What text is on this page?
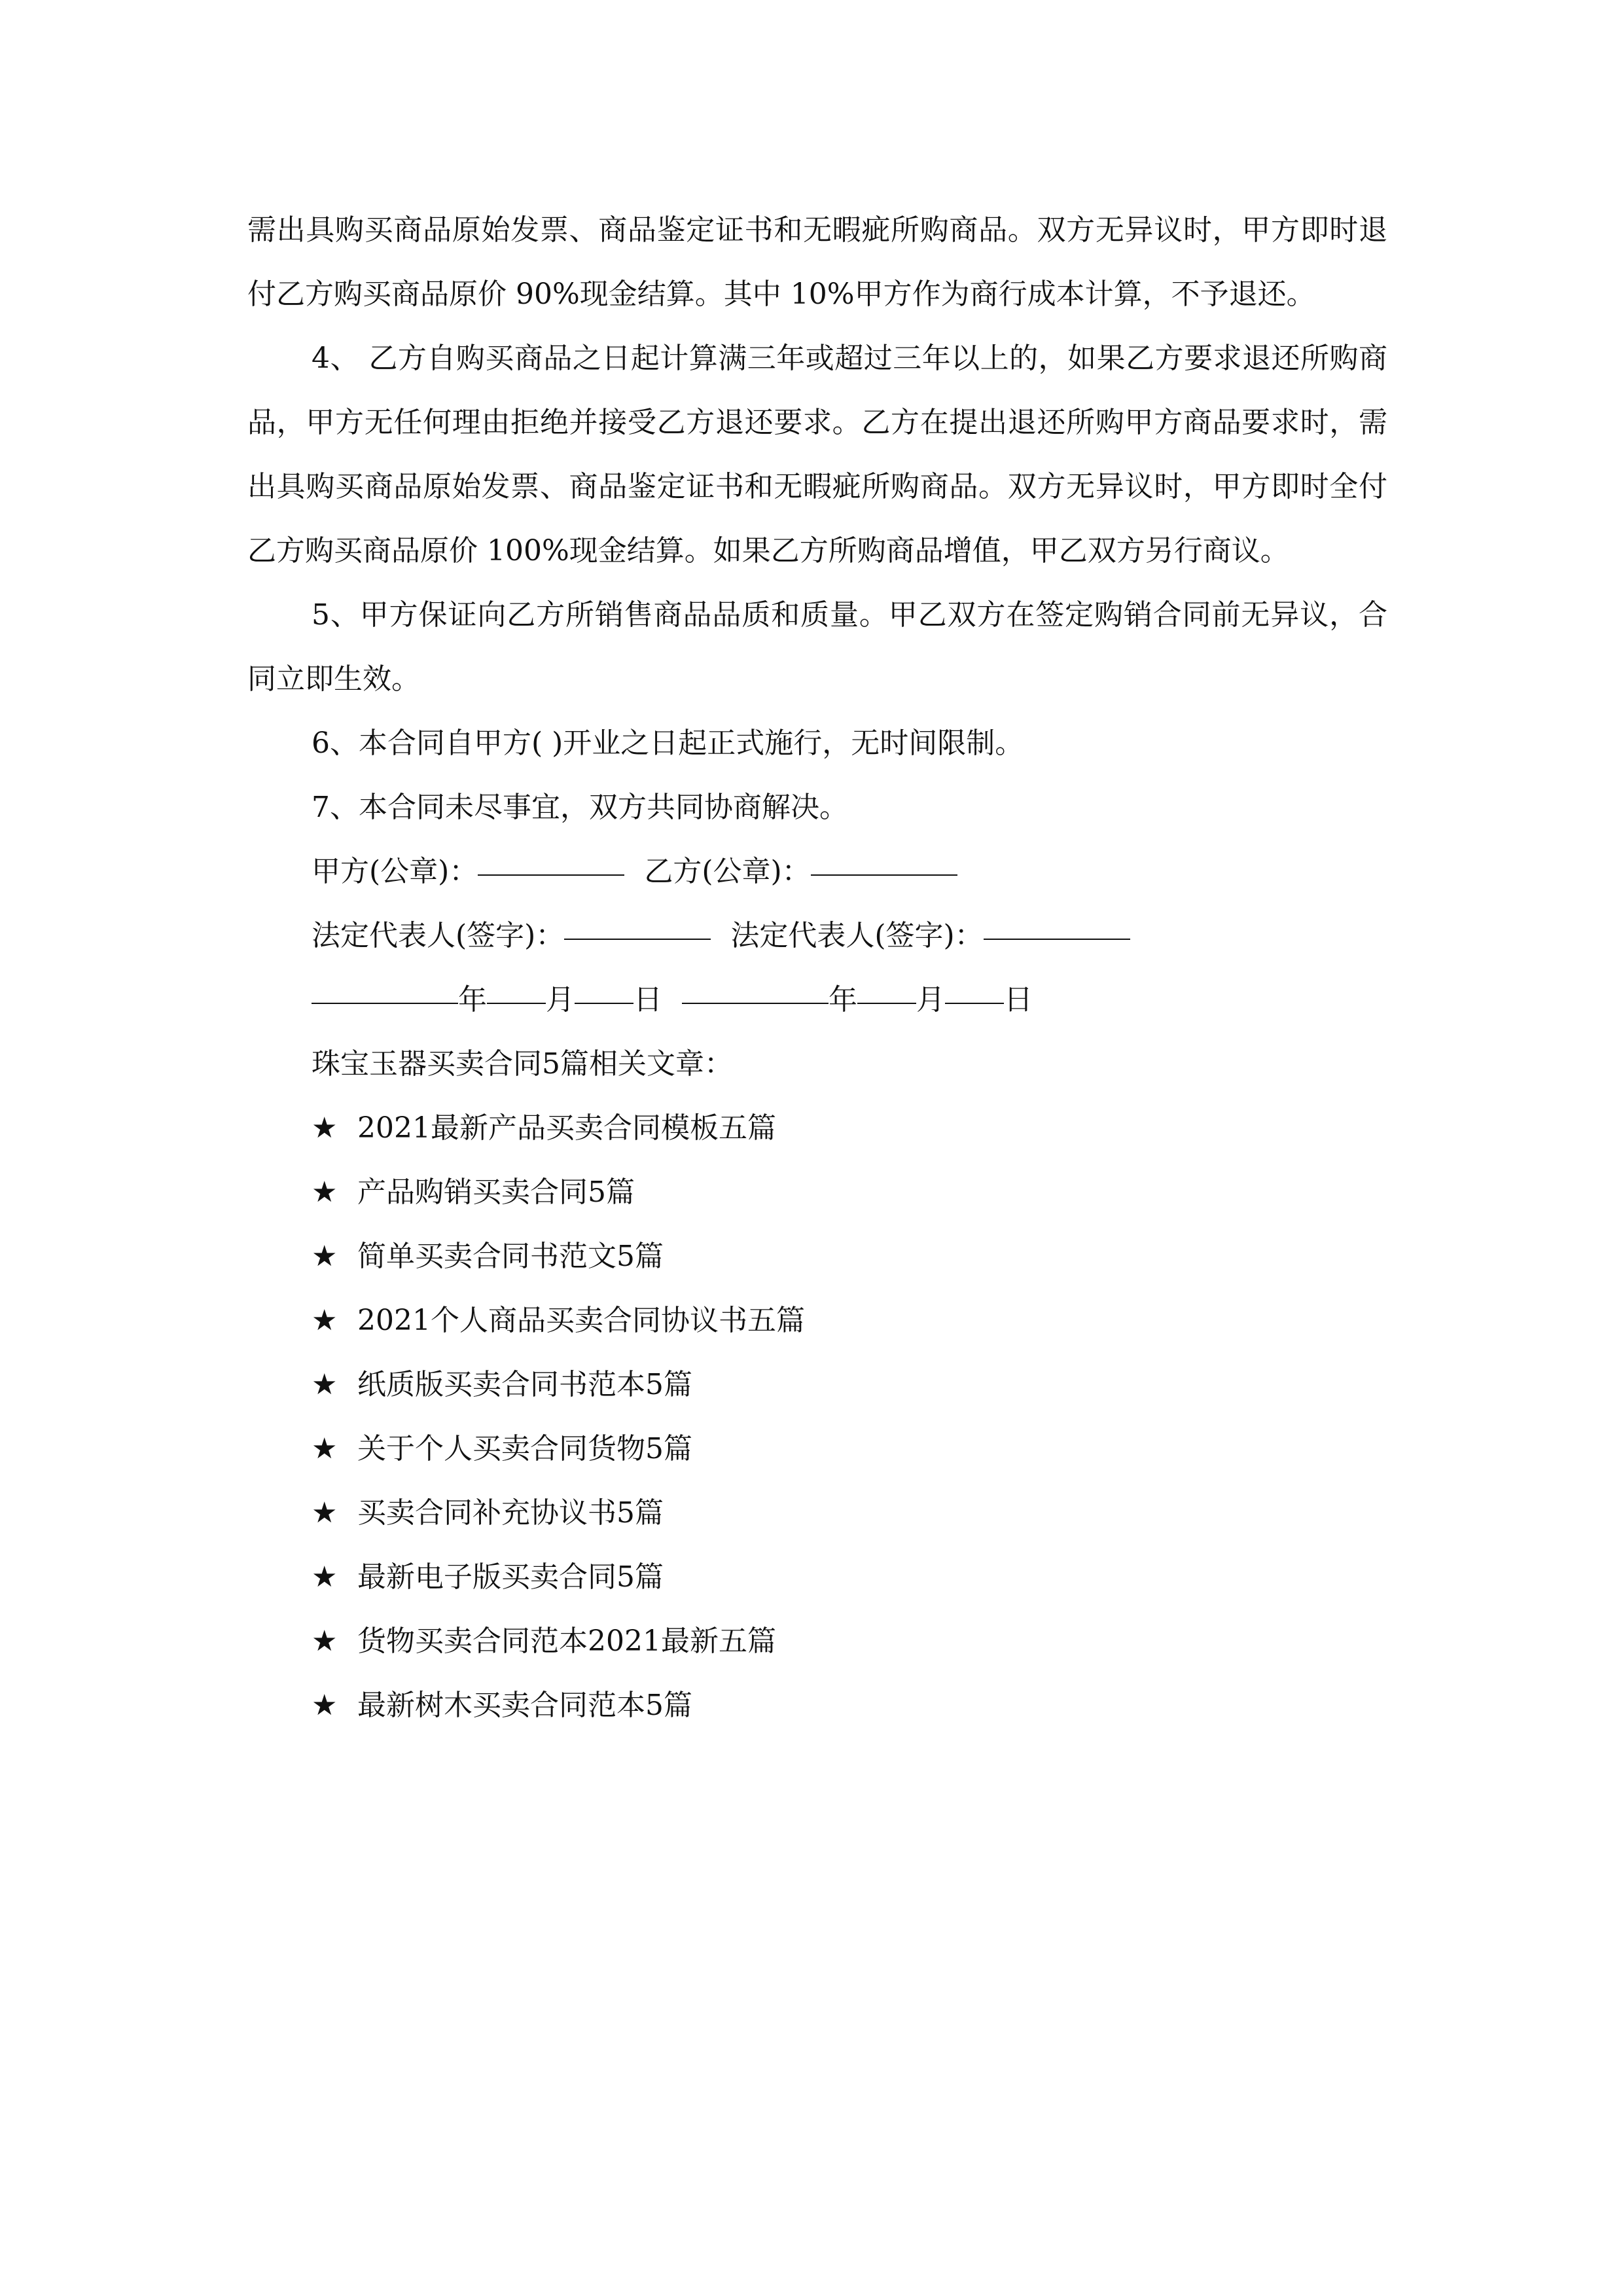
需出具购买商品原始发票、商品鉴定证书和无暇疵所购商品。双方无异议时，甲方即时退付乙方购买商品原价 90%现金结算。其中 10%甲方作为商行成本计算，不予退还。

4、 乙方自购买商品之日起计算满三年或超过三年以上的，如果乙方要求退还所购商品，甲方无任何理由拒绝并接受乙方退还要求。乙方在提出退还所购甲方商品要求时，需出具购买商品原始发票、商品鉴定证书和无暇疵所购商品。双方无异议时，甲方即时全付乙方购买商品原价 100%现金结算。如果乙方所购商品增值，甲乙双方另行商议。

5、甲方保证向乙方所销售商品品质和质量。甲乙双方在签定购销合同前无异议，合同立即生效。

6、本合同自甲方( )开业之日起正式施行，无时间限制。

7、本合同未尽事宜，双方共同协商解决。

甲方(公章)：	乙方(公章)：
法定代表人(签字)：	法定代表人(签字)：
年 月 日	年 月 日
珠宝玉器买卖合同5篇相关文章：
★ 2021最新产品买卖合同模板五篇
★ 产品购销买卖合同5篇
★ 简单买卖合同书范文5篇
★ 2021个人商品买卖合同协议书五篇
★ 纸质版买卖合同书范本5篇
★ 关于个人买卖合同货物5篇
★ 买卖合同补充协议书5篇
★ 最新电子版买卖合同5篇
★ 货物买卖合同范本2021最新五篇
★ 最新树木买卖合同范本5篇
